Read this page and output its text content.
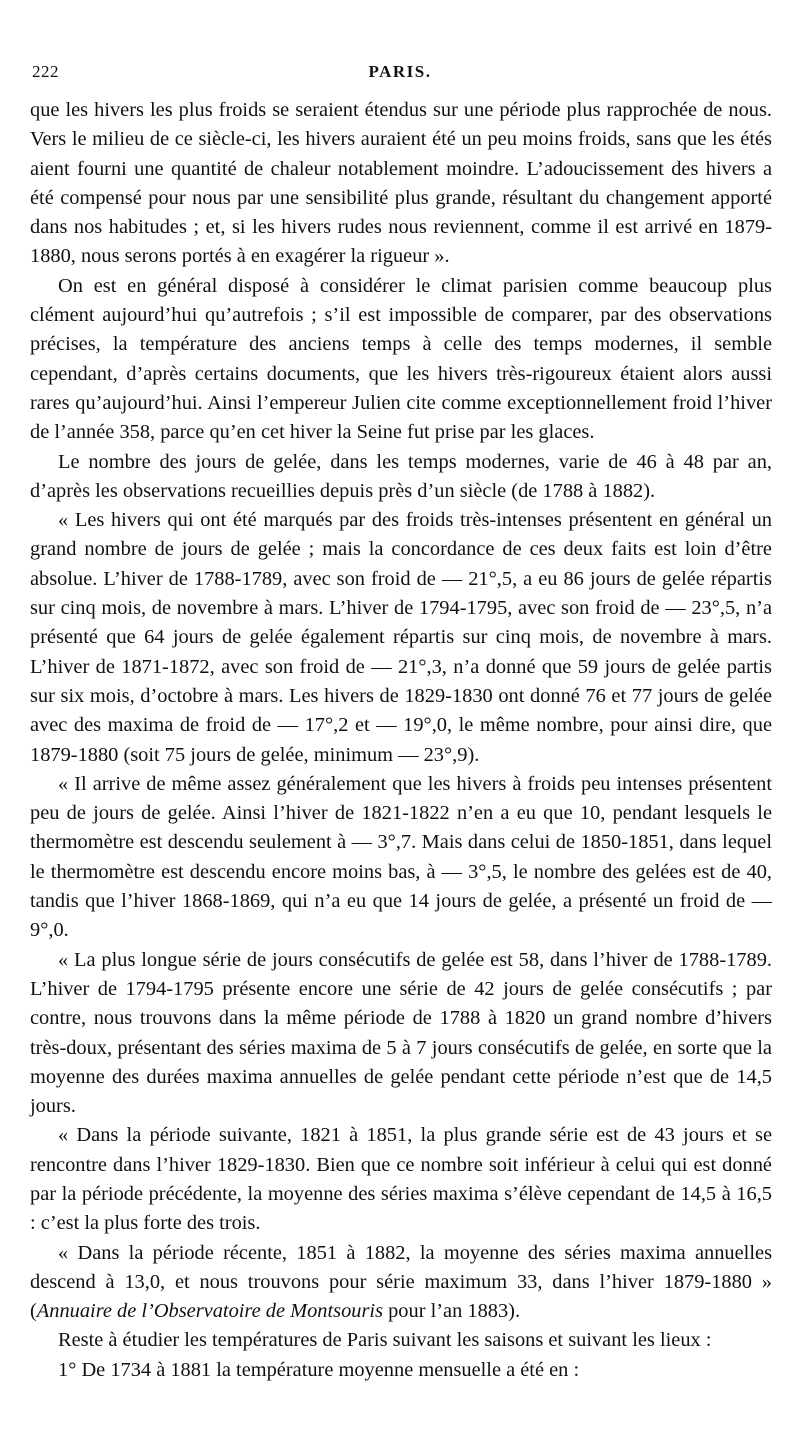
222	PARIS.

que les hivers les plus froids se seraient étendus sur une période plus rapprochée de nous. Vers le milieu de ce siècle-ci, les hivers auraient été un peu moins froids, sans que les étés aient fourni une quantité de chaleur notablement moindre. L’adoucissement des hivers a été compensé pour nous par une sensibilité plus grande, résultant du changement apporté dans nos habitudes ; et, si les hivers rudes nous reviennent, comme il est arrivé en 1879-1880, nous serons portés à en exagérer la rigueur ».

On est en général disposé à considérer le climat parisien comme beaucoup plus clément aujourd’hui qu’autrefois ; s’il est impossible de comparer, par des observations précises, la température des anciens temps à celle des temps modernes, il semble cependant, d’après certains documents, que les hivers très-rigoureux étaient alors aussi rares qu’aujourd’hui. Ainsi l’empereur Julien cite comme exceptionnellement froid l’hiver de l’année 358, parce qu’en cet hiver la Seine fut prise par les glaces.

Le nombre des jours de gelée, dans les temps modernes, varie de 46 à 48 par an, d’après les observations recueillies depuis près d’un siècle (de 1788 à 1882).

« Les hivers qui ont été marqués par des froids très-intenses présentent en général un grand nombre de jours de gelée ; mais la concordance de ces deux faits est loin d’être absolue. L’hiver de 1788-1789, avec son froid de — 21°,5, a eu 86 jours de gelée répartis sur cinq mois, de novembre à mars. L’hiver de 1794-1795, avec son froid de — 23°,5, n’a présenté que 64 jours de gelée également répartis sur cinq mois, de novembre à mars. L’hiver de 1871-1872, avec son froid de — 21°,3, n’a donné que 59 jours de gelée partis sur six mois, d’octobre à mars. Les hivers de 1829-1830 ont donné 76 et 77 jours de gelée avec des maxima de froid de — 17°,2 et — 19°,0, le même nombre, pour ainsi dire, que 1879-1880 (soit 75 jours de gelée, minimum — 23°,9).

« Il arrive de même assez généralement que les hivers à froids peu intenses présentent peu de jours de gelée. Ainsi l’hiver de 1821-1822 n’en a eu que 10, pendant lesquels le thermomètre est descendu seulement à — 3°,7. Mais dans celui de 1850-1851, dans lequel le thermomètre est descendu encore moins bas, à — 3°,5, le nombre des gelées est de 40, tandis que l’hiver 1868-1869, qui n’a eu que 14 jours de gelée, a présenté un froid de — 9°,0.

« La plus longue série de jours consécutifs de gelée est 58, dans l’hiver de 1788-1789. L’hiver de 1794-1795 présente encore une série de 42 jours de gelée consécutifs ; par contre, nous trouvons dans la même période de 1788 à 1820 un grand nombre d’hivers très-doux, présentant des séries maxima de 5 à 7 jours consécutifs de gelée, en sorte que la moyenne des durées maxima annuelles de gelée pendant cette période n’est que de 14,5 jours.

« Dans la période suivante, 1821 à 1851, la plus grande série est de 43 jours et se rencontre dans l’hiver 1829-1830. Bien que ce nombre soit inférieur à celui qui est donné par la période précédente, la moyenne des séries maxima s’élève cependant de 14,5 à 16,5 : c’est la plus forte des trois.

« Dans la période récente, 1851 à 1882, la moyenne des séries maxima annuelles descend à 13,0, et nous trouvons pour série maximum 33, dans l’hiver 1879-1880 » (Annuaire de l’Observatoire de Montsouris pour l’an 1883).

Reste à étudier les températures de Paris suivant les saisons et suivant les lieux :

1° De 1734 à 1881 la température moyenne mensuelle a été en :
